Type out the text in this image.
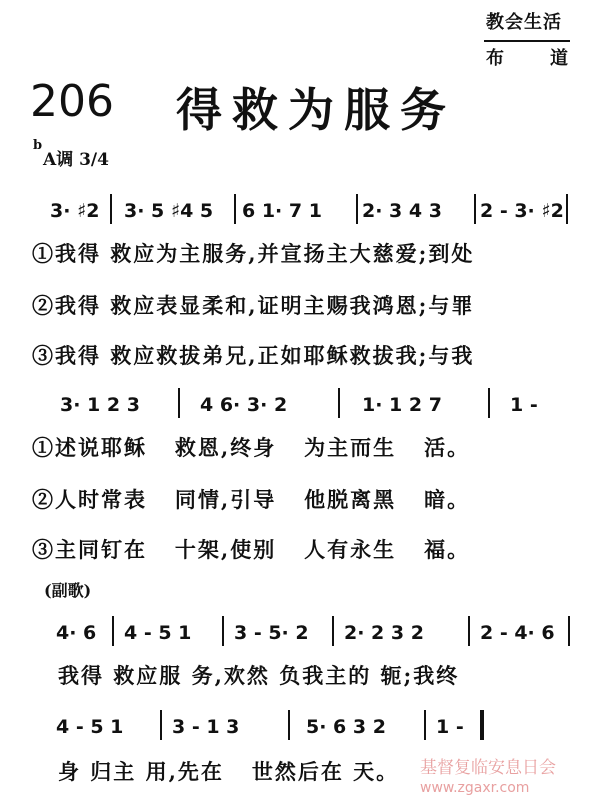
教会生活
布　道
206 得救为服务
b
A调 3/4
3· ♯2 3· 5 ♯4 5 6 1· 7 1 2· 3 4 3 2 - 3· ♯2
①我得 救应为主服务,并宣扬主大慈爱;到处
②我得 救应表显柔和,证明主赐我鸿恩;与罪
③我得 救应救拔弟兄,正如耶稣救拔我;与我
3· 1 2 3	4 6· 3· 2	1· 1 2 7	1 -
①述说耶稣   救恩,终身   为主而生   活。
②人时常表   同情,引导   他脱离黑   暗。
③主同钉在   十架,使别   人有永生   福。
(副歌)
4· 6 4 - 5 1 3 - 5· 2 2· 2 3 2	2 - 4· 6
我得 救应服 务,欢然 负我主的 轭;我终
4 - 5 1	3 - 1 3	5· 6 3 2	1 -
身 归主 用,先在   世然后在 天。 基督复临安息日会
www.zgaxr.com
